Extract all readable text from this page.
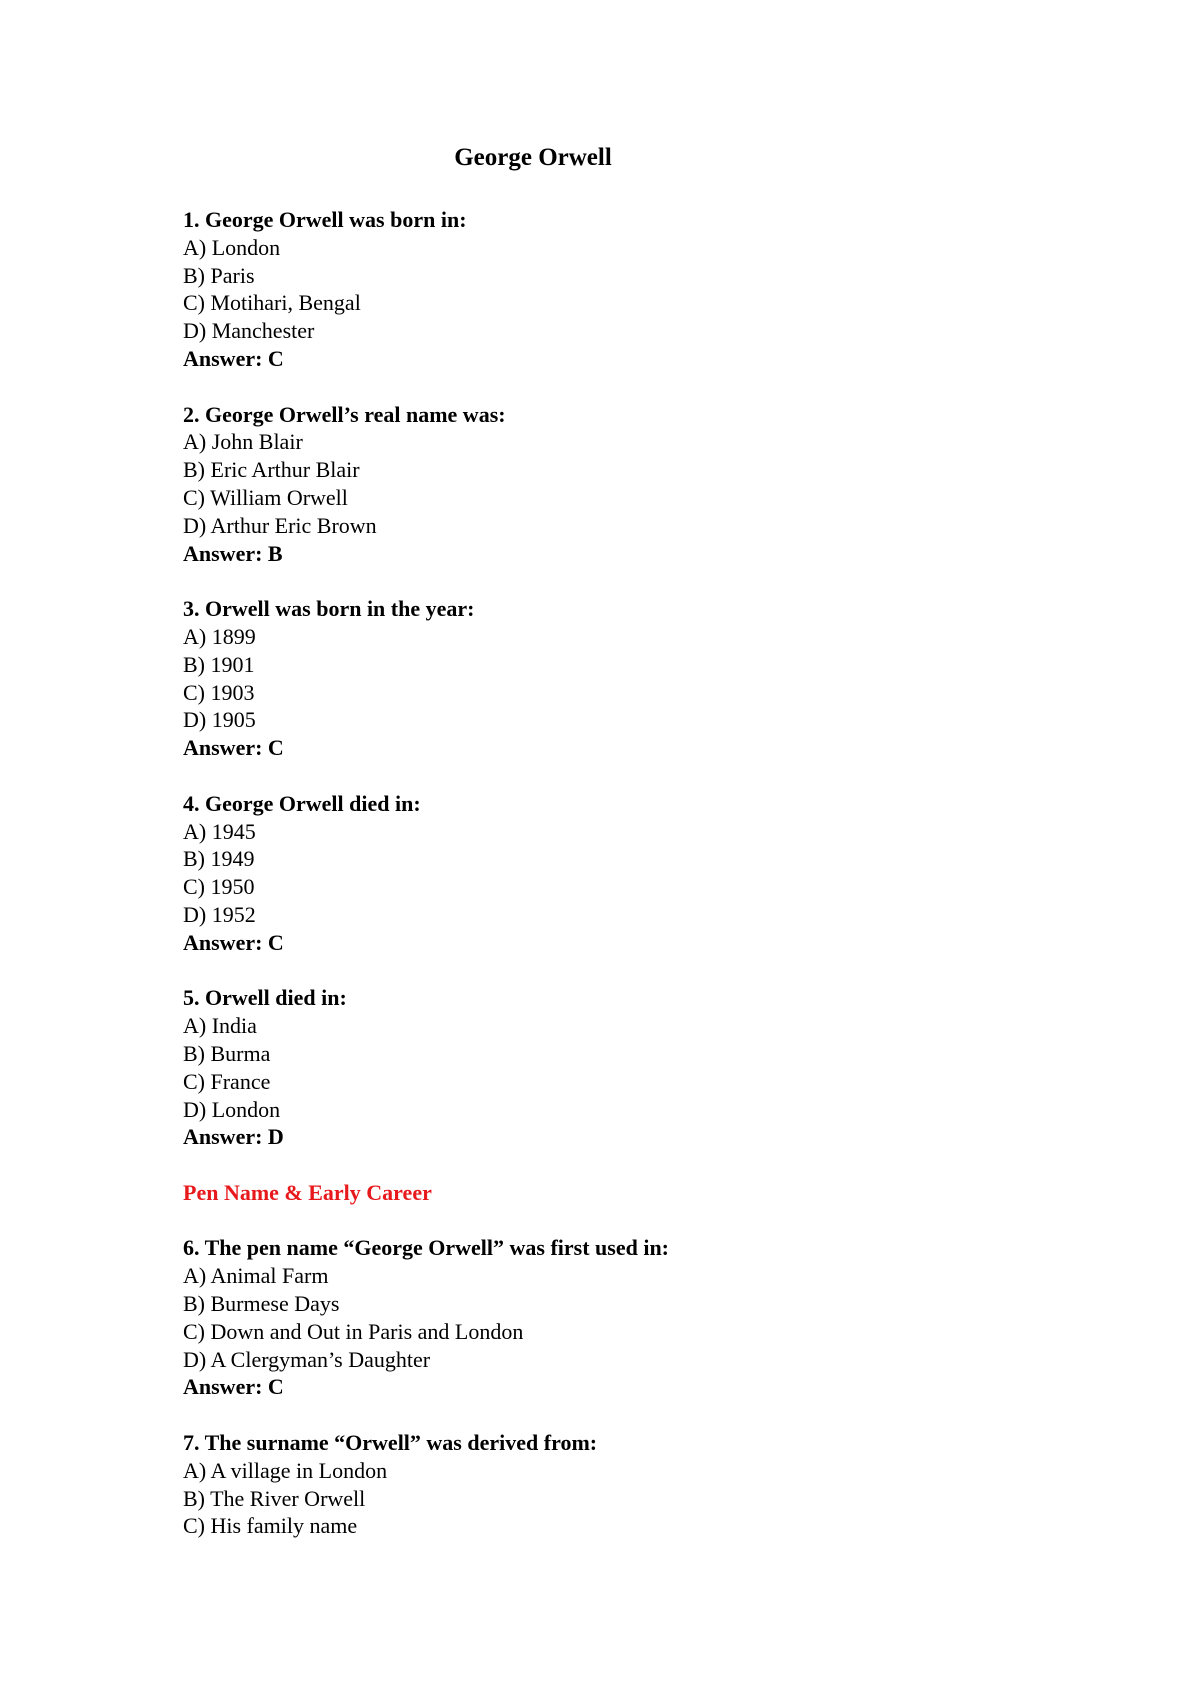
George Orwell
1. George Orwell was born in:
A) London
B) Paris
C) Motihari, Bengal
D) Manchester
Answer: C
2. George Orwell’s real name was:
A) John Blair
B) Eric Arthur Blair
C) William Orwell
D) Arthur Eric Brown
Answer: B
3. Orwell was born in the year:
A) 1899
B) 1901
C) 1903
D) 1905
Answer: C
4. George Orwell died in:
A) 1945
B) 1949
C) 1950
D) 1952
Answer: C
5. Orwell died in:
A) India
B) Burma
C) France
D) London
Answer: D
Pen Name & Early Career
6. The pen name “George Orwell” was first used in:
A) Animal Farm
B) Burmese Days
C) Down and Out in Paris and London
D) A Clergyman’s Daughter
Answer: C
7. The surname “Orwell” was derived from:
A) A village in London
B) The River Orwell
C) His family name
